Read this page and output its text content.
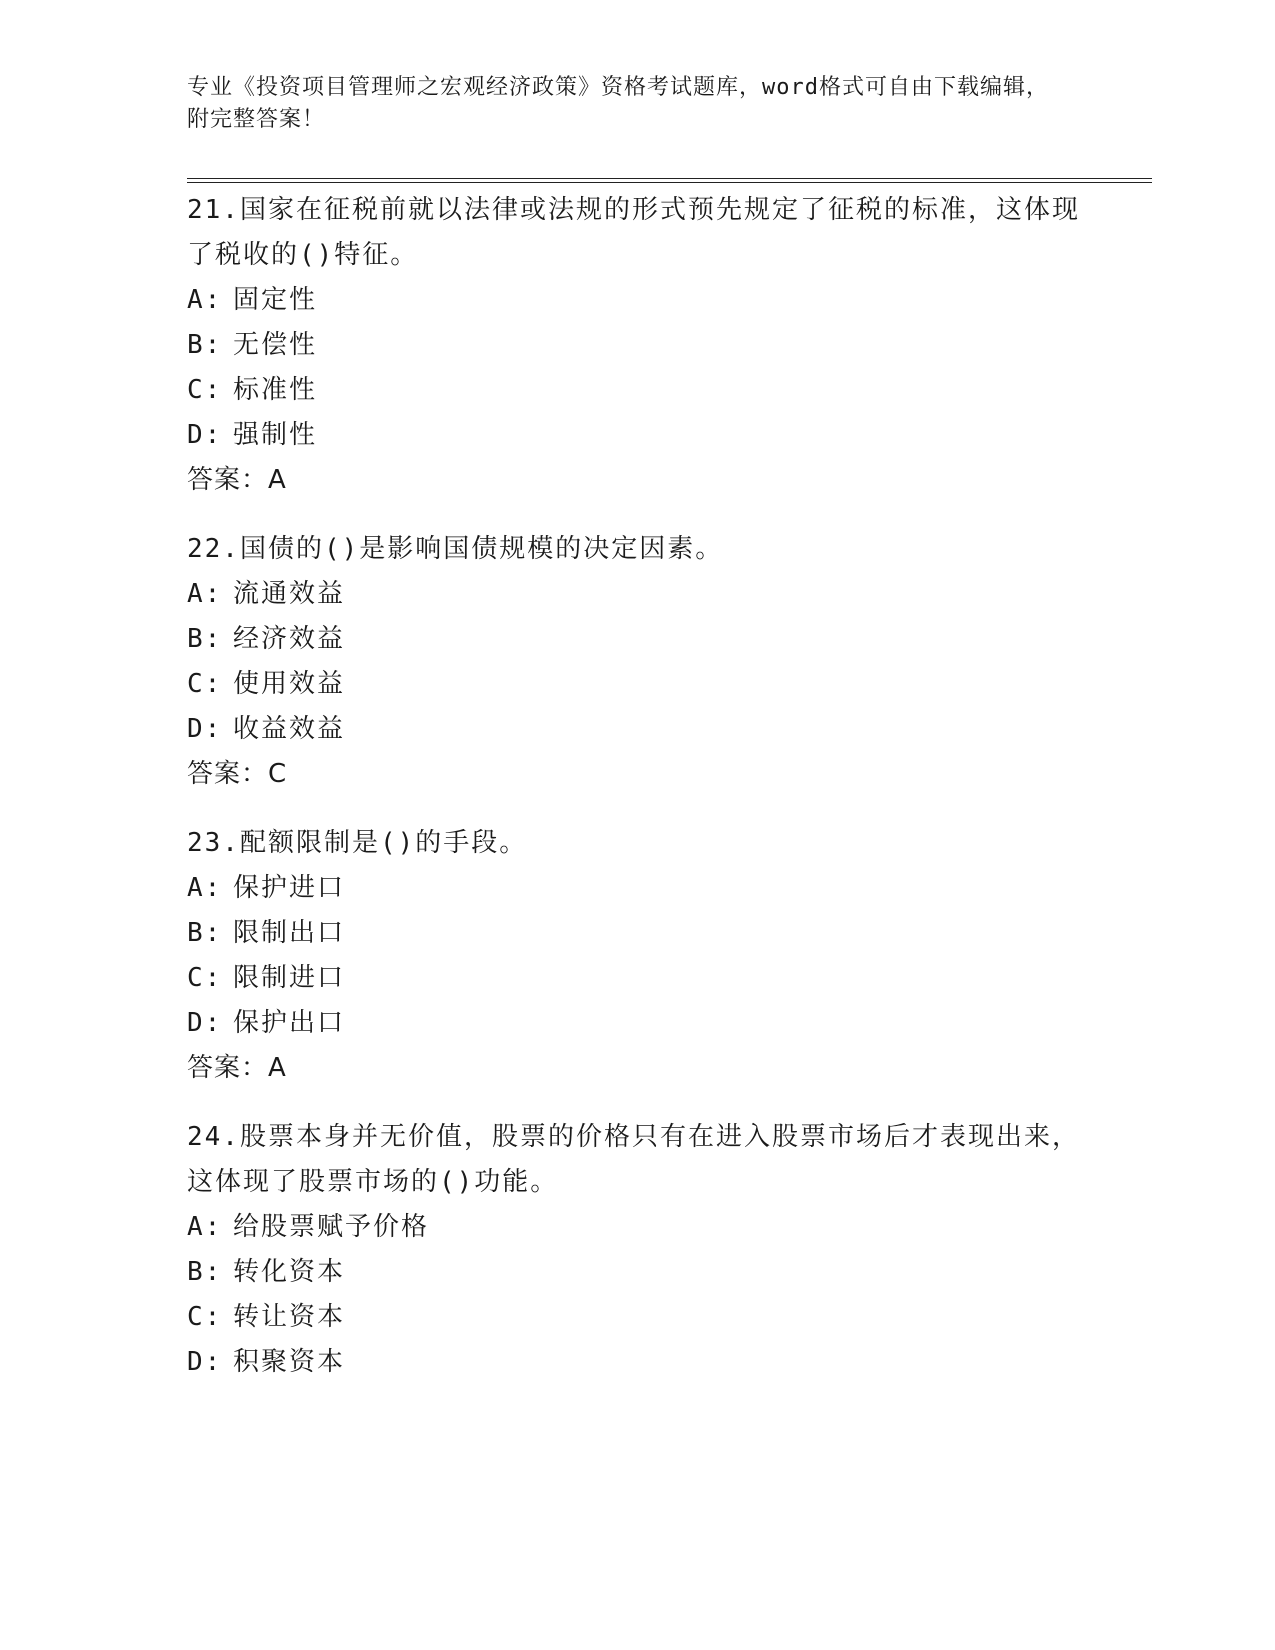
专业《投资项目管理师之宏观经济政策》资格考试题库，word格式可自由下载编辑，附完整答案！

21.国家在征税前就以法律或法规的形式预先规定了征税的标准，这体现了税收的()特征。

A: 固定性

B: 无偿性

C: 标准性

D: 强制性

答案：A

22.国债的()是影响国债规模的决定因素。

A: 流通效益

B: 经济效益

C: 使用效益

D: 收益效益

答案：C

23.配额限制是()的手段。

A: 保护进口

B: 限制出口

C: 限制进口

D: 保护出口

答案：A

24.股票本身并无价值，股票的价格只有在进入股票市场后才表现出来，这体现了股票市场的()功能。

A: 给股票赋予价格

B: 转化资本

C: 转让资本

D: 积聚资本
